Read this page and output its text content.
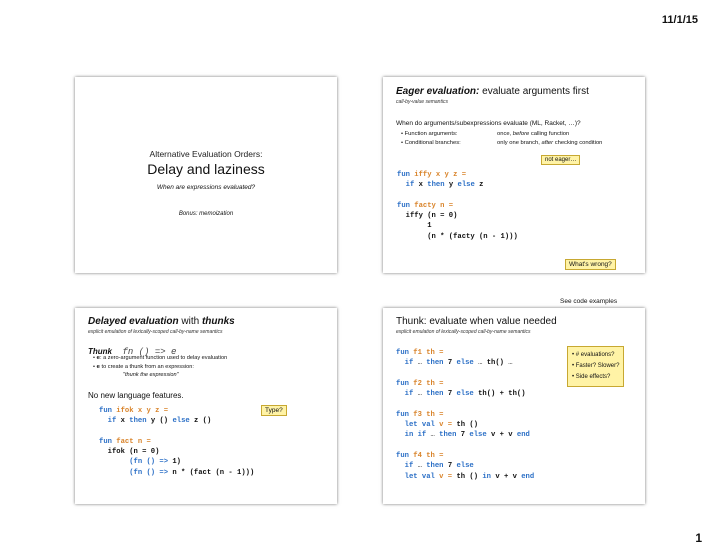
11/1/15
Alternative Evaluation Orders:
Delay and laziness
When are expressions evaluated?
Bonus: memoization
Eager evaluation: evaluate arguments first
call-by-value semantics
When do arguments/subexpressions evaluate (ML, Racket, …)?
• Function arguments:	once, before calling function
• Conditional branches:	only one branch, after checking condition
not eager…
fun iffy x y z =
if x then y else z

fun facty n =
iffy (n = 0)
1
(n * (facty (n - 1)))
What's wrong?
Delayed evaluation with thunks
explicit emulation of lexically-scoped call-by-name semantics
Thunk fn () => e
• e: a zero-argument function used to delay evaluation
• e to create a thunk from an expression:
"thunk the expression"
No new language features.
fun ifok x y z =
if x then y () else z ()

fun fact n =
ifok (n = 0)
(fn () => 1)
(fn () => n * (fact (n - 1)))
Type?
See code examples
Thunk: evaluate when value needed
explicit emulation of lexically-scoped call-by-name semantics
fun f1 th =
if … then 7 else … th() …

fun f2 th =
if … then 7 else th() + th()

fun f3 th =
let val v = th ()
in if … then 7 else v + v end

fun f4 th =
if … then 7 else
let val v = th () in v + v end
• # evaluations?
• Faster? Slower?
• Side effects?
1
